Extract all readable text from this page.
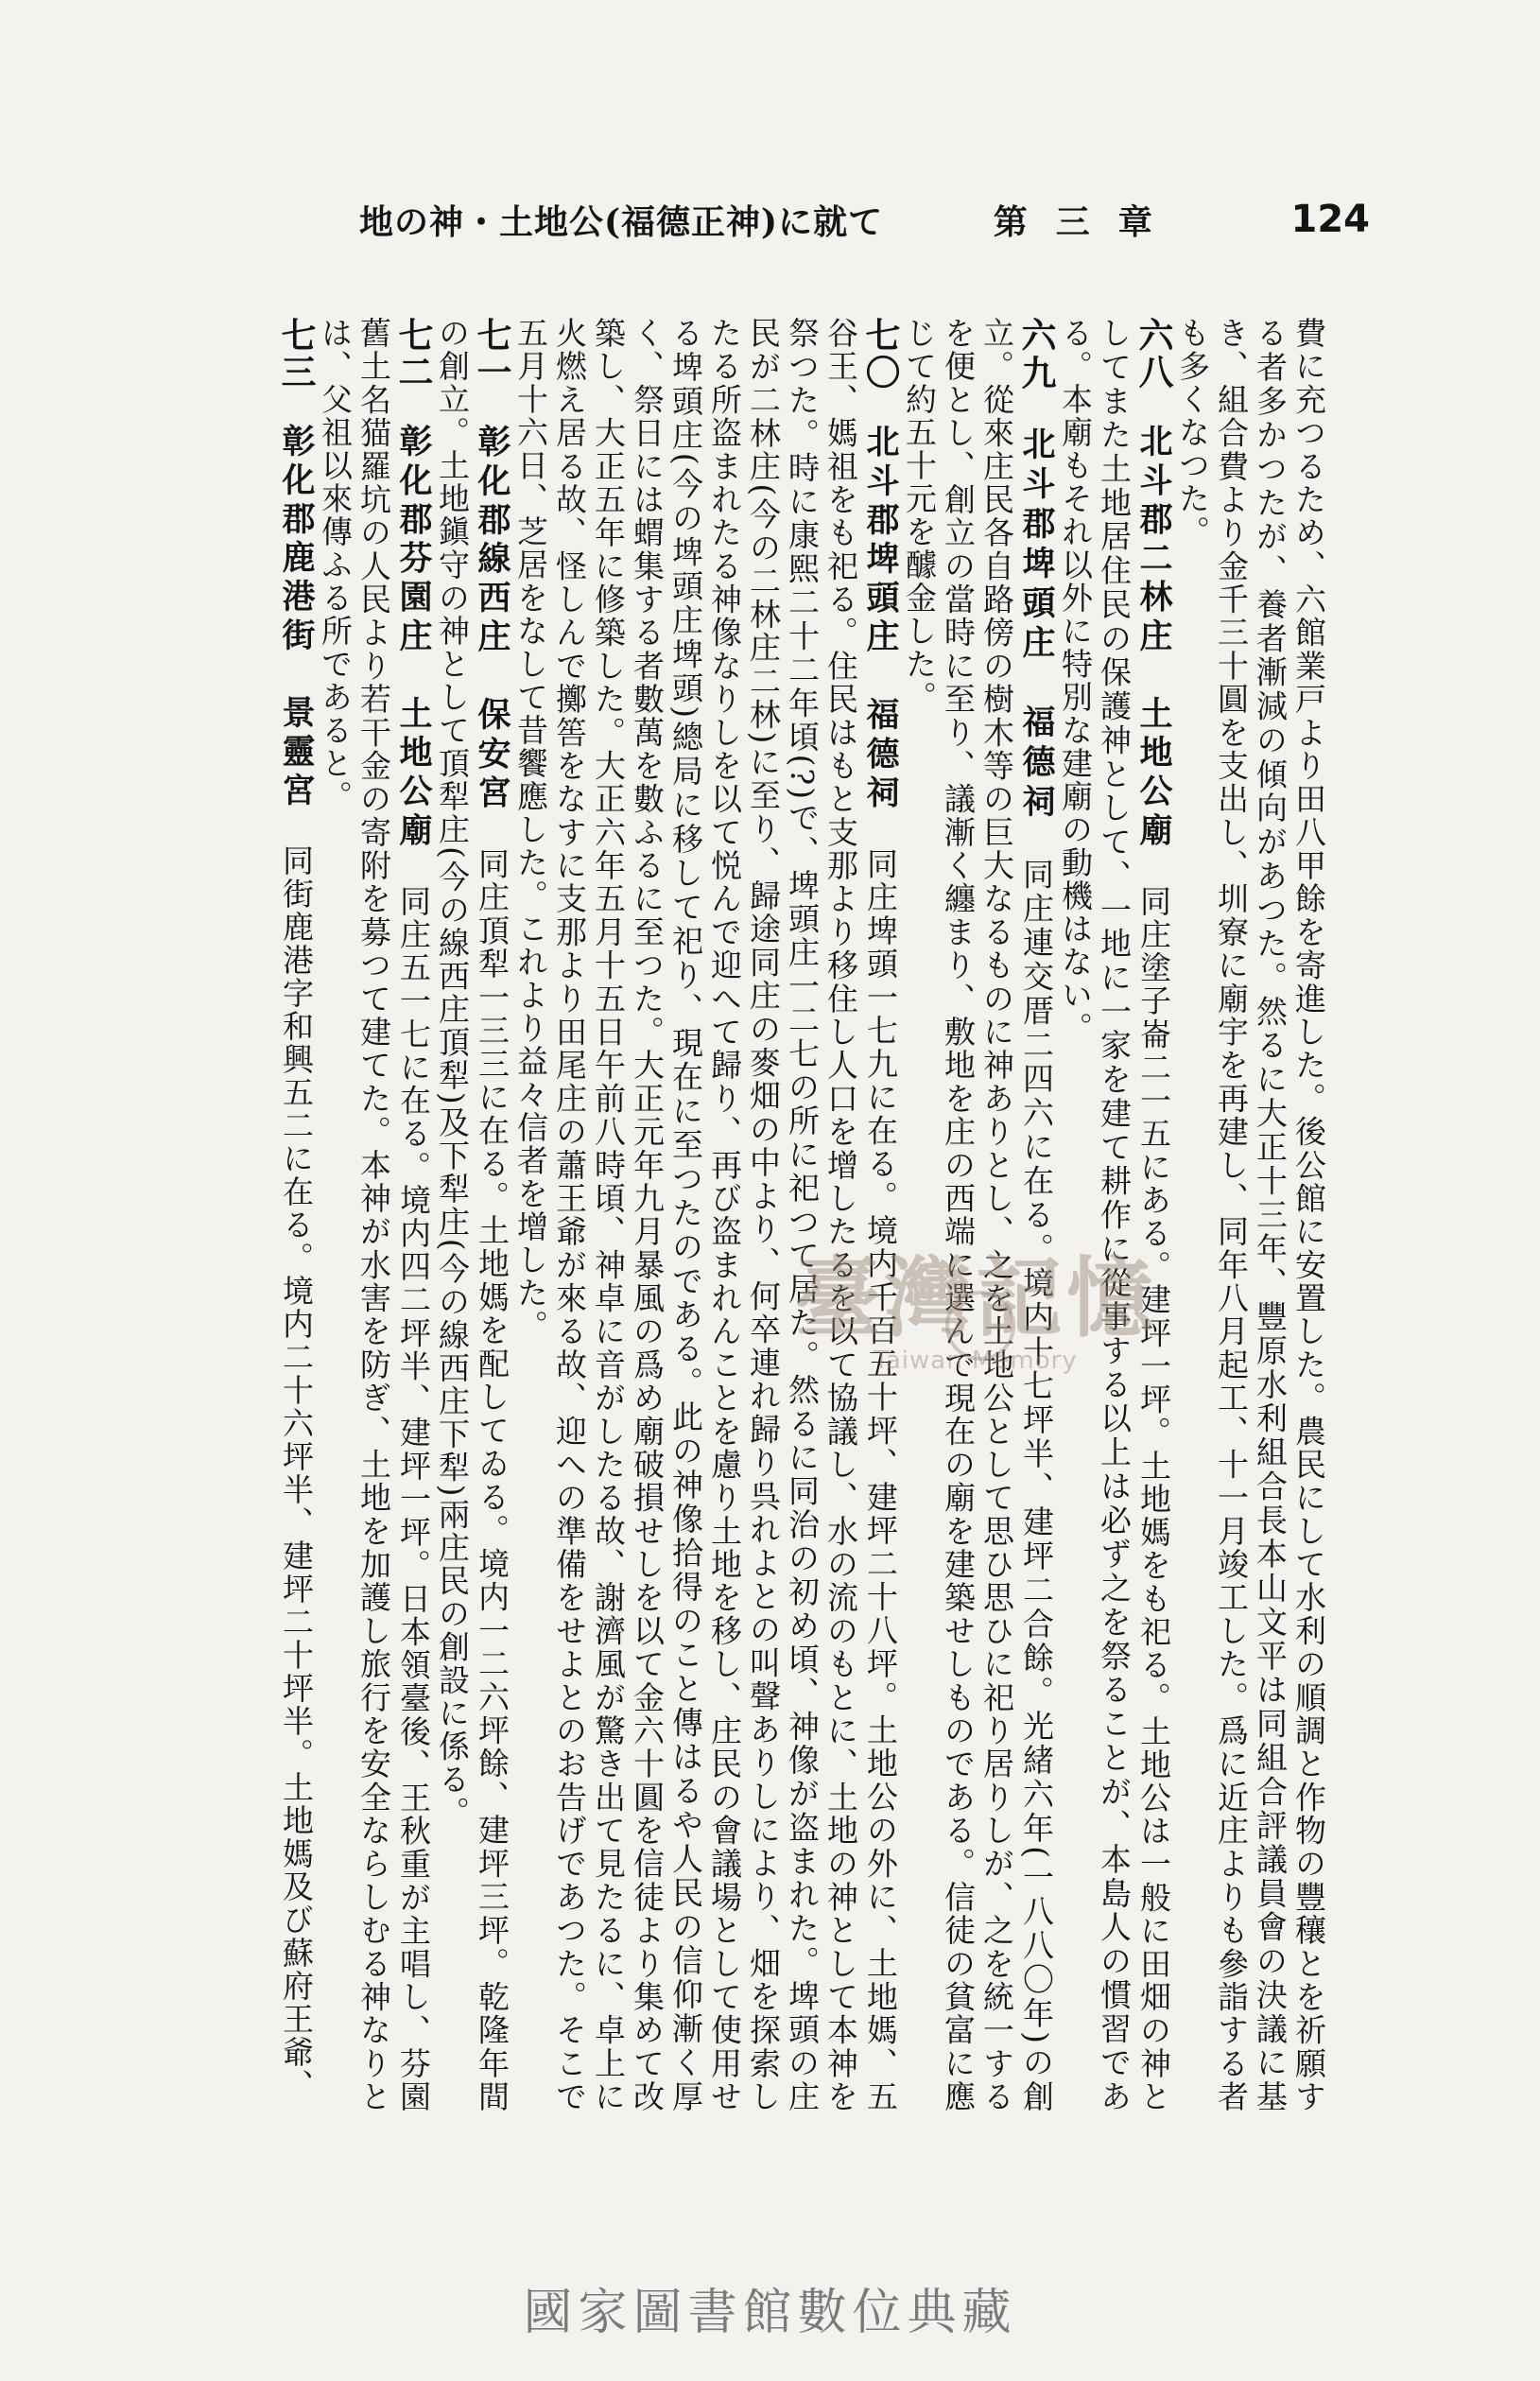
地の神・土地公(福德正神)に就て	第三章	124

費に充つるため、六館業戸より田八甲餘を寄進した。後公館に安置した。農民にして水利の順調と作物の豐穰とを祈願する者多かつたが、養者漸減の傾向があつた。然るに大正十三年、豐原水利組合長本山文平は同組合評議員會の決議に基き、組合費より金千三十圓を支出し、圳寮に廟宇を再建し、同年八月起工、十一月竣工した。爲に近庄よりも參詣する者も多くなつた。

六八　北斗郡二林庄　土地公廟　同庄塗子崙二一五にある。建坪一坪。土地媽をも祀る。土地公は一般に田畑の神としてまた土地居住民の保護神として、一地に一家を建て耕作に從事する以上は必ず之を祭ることが、本島人の慣習である。本廟もそれ以外に特別な建廟の動機はない。

六九　北斗郡埤頭庄　福德祠　同庄連交厝二四六に在る。境内十七坪半、建坪二合餘。光緒六年(一八八〇年)の創立。從來庄民各自路傍の樹木等の巨大なるものに神ありとし、之を土地公として思ひ思ひに祀り居りしが、之を統一するを便とし、創立の當時に至り、議漸く纏まり、敷地を庄の西端に選んで現在の廟を建築せしものである。信徒の貧富に應じて約五十元を醵金した。

七〇　北斗郡埤頭庄　福德祠　同庄埤頭一七九に在る。境内千百五十坪、建坪二十八坪。土地公の外に、土地媽、五谷王、媽祖をも祀る。住民はもと支那より移住し人口を增したるを以て協議し、水の流のもとに、土地の神として本神を祭つた。時に康熙二十二年頃(?)で、埤頭庄一二七の所に祀つて居た。然るに同治の初め頃、神像が盗まれた。埤頭の庄民が二林庄(今の二林庄二林)に至り、歸途同庄の麥畑の中より、何卒連れ歸り呉れよとの叫聲ありしにより、畑を探索したる所盗まれたる神像なりしを以て悦んで迎へて歸り、再び盗まれんことを慮り土地を移し、庄民の會議場として使用せる埤頭庄(今の埤頭庄埤頭)總局に移して祀り、現在に至つたのである。此の神像拾得のこと傳はるや人民の信仰漸く厚く、祭日には蝟集する者數萬を數ふるに至つた。大正元年九月暴風の爲め廟破損せしを以て金六十圓を信徒より集めて改築し、大正五年に修築した。大正六年五月十五日午前八時頃、神卓に音がしたる故、謝濟風が驚き出て見たるに、卓上に火燃え居る故、怪しんで擲筶をなすに支那より田尾庄の蕭王爺が來る故、迎への準備をせよとのお告げであつた。そこで五月十六日、芝居をなして昔饗應した。これより益々信者を增した。

七一　彰化郡線西庄　保安宮　同庄頂犁一三三に在る。土地媽を配してゐる。境内一二六坪餘、建坪三坪。乾隆年間の創立。土地鎭守の神として頂犁庄(今の線西庄頂犁)及下犁庄(今の線西庄下犁)兩庄民の創設に係る。

七二　彰化郡芬園庄　土地公廟　同庄五一七に在る。境内四二坪半、建坪一坪。日本領臺後、王秋重が主唱し、芬園舊土名猫羅坑の人民より若干金の寄附を募つて建てた。本神が水害を防ぎ、土地を加護し旅行を安全ならしむる神なりとは、父祖以來傳ふる所であると。

七三　彰化郡鹿港街　景靈宮　同街鹿港字和興五二に在る。境内二十六坪半、建坪二十坪半。土地媽及び蘇府王爺、	臺灣記憶
Taiwan Memory
國家圖書館數位典藏
